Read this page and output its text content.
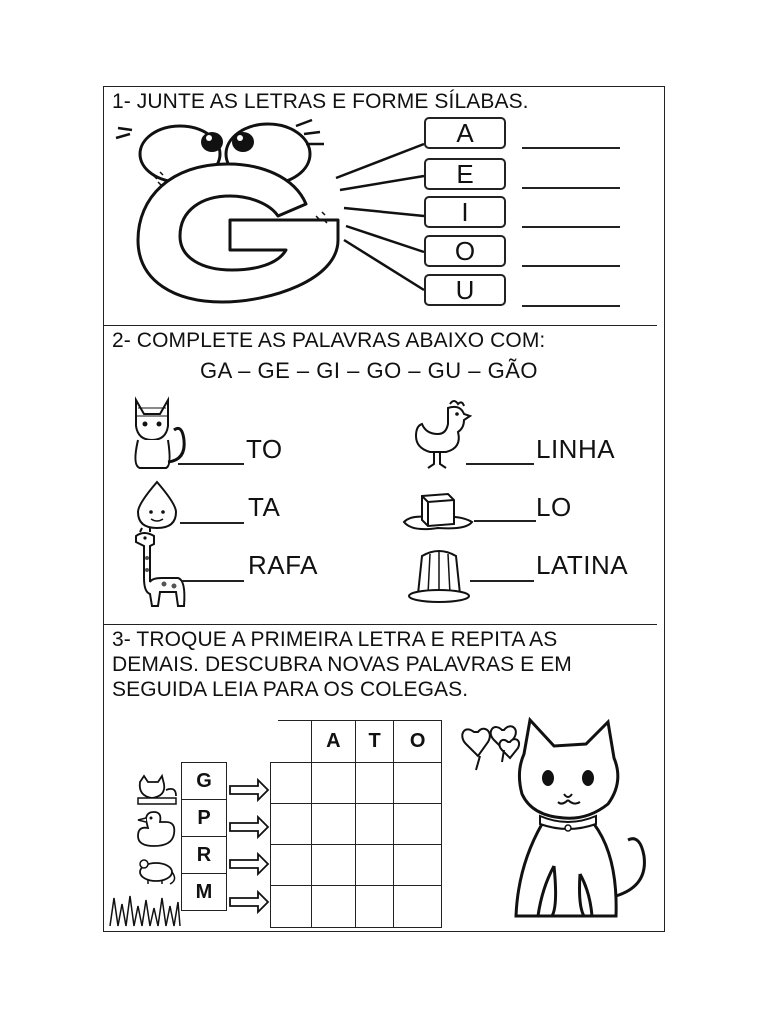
1- JUNTE AS LETRAS E FORME SÍLABAS.
A
E
I
O
U
2- COMPLETE AS PALAVRAS ABAIXO COM:
GA – GE – GI – GO – GU – GÃO
TO
TA
RAFA
LINHA
LO
LATINA
3- TROQUE A PRIMEIRA LETRA E REPITA AS
DEMAIS. DESCUBRA NOVAS PALAVRAS E EM
SEGUIDA LEIA PARA OS COLEGAS.
G
P
R
M
	A	T	O
